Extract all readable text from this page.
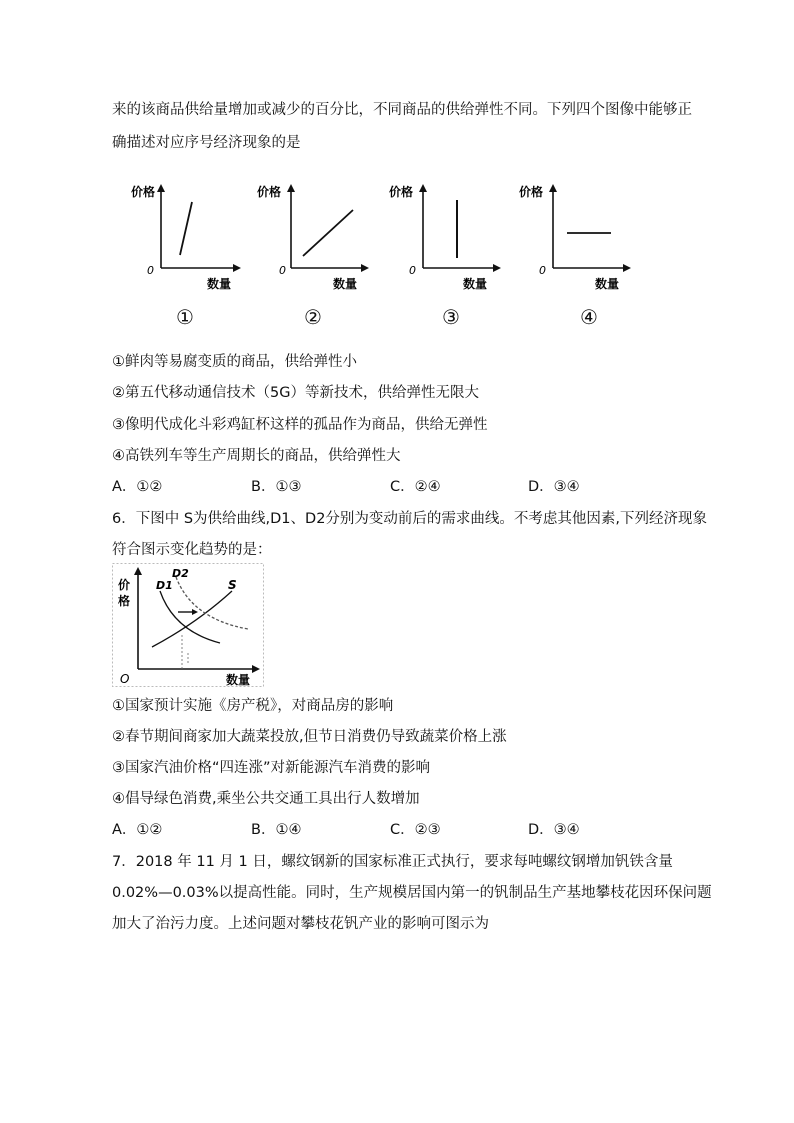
来的该商品供给量增加或减少的百分比，不同商品的供给弹性不同。下列四个图像中能够正
确描述对应序号经济现象的是
价格
0
数量
价格
0
数量
价格
0
数量
价格
0
数量
①	②	③	④
①鲜肉等易腐变质的商品，供给弹性小
②第五代移动通信技术（5G）等新技术，供给弹性无限大
③像明代成化斗彩鸡缸杯这样的孤品作为商品，供给无弹性
④高铁列车等生产周期长的商品，供给弹性大
A．①②	B．①③	C．②④	D．③④
6．下图中 S为供给曲线,D1、D2分别为变动前后的需求曲线。不考虑其他因素,下列经济现象
符合图示变化趋势的是：
价
格
O	数量
S
D1
D2
①国家预计实施《房产税》，对商品房的影响
②春节期间商家加大蔬菜投放,但节日消费仍导致蔬菜价格上涨
③国家汽油价格“四连涨”对新能源汽车消费的影响
④倡导绿色消费,乘坐公共交通工具出行人数增加
A．①②	B．①④	C．②③	D．③④
7．2018 年 11 月 1 日，螺纹钢新的国家标准正式执行，要求每吨螺纹钢增加钒铁含量
0.02%—0.03%以提高性能。同时，生产规模居国内第一的钒制品生产基地攀枝花因环保问题
加大了治污力度。上述问题对攀枝花钒产业的影响可图示为
